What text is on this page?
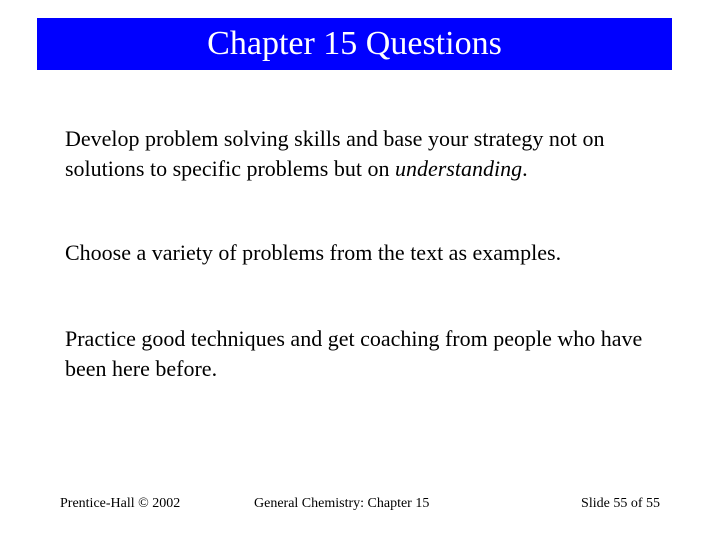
Chapter 15 Questions

Develop problem solving skills and base your strategy not on solutions to specific problems but on understanding.

Choose a variety of problems from the text as examples.

Practice good techniques and get coaching from people who have been here before.

Prentice-Hall © 2002	General Chemistry: Chapter 15	Slide 55 of 55
